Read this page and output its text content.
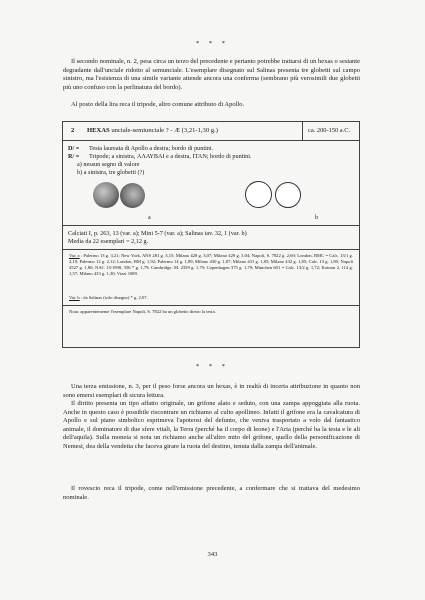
* * *

Il secondo nominale, n. 2, pesa circa un terzo del precedente e pertanto potrebbe trattarsi di un hexas o sestante degradante dall'unciale ridotto al semunciale. L'esemplare disegnato sul Salinas presenta tre globetti sul campo sinistro, ma l'esistenza di una simile variante attende ancora una conferma (sembrano più verosimili due globetti più uno confuso con la perlinatura del bordo).

Al posto della lira reca il tripode, altro comune attributo di Apollo.

2 HEXAS unciale-semiunciale ? - Æ (3,21-1,30 g.)	ca. 200-150 a.C.
D/ = Testa laureata di Apollo a destra; bordo di puntini.
R/ = Tripode; a sinistra, ΑΛΑΥΒΑΙ e a destra, ΙΤΑΝ; bordo di puntini.
a) nessun segno di valore
b) a sinistra, tre globetti (?)
a	b
Calciati I, p. 263, 13 (var. a); Mini 5-7 (var. a); Salinas tav. 32, 1 (var. b)
Media da 22 esemplari = 2,12 g.
Var. a : Palermo 13 g. 3,21; New York, ANS 281 g. 3,15; Milano 428 g. 3,07; Milano 429 g. 3,04; Napoli, S. 7822 g. 2,60; London, BMC = Calc. 13/1 g. 2,19; Palermo 12 g. 2,12; London, BM g. 1,92; Palermo 14 g. 1,89; Milano 430 g. 1,87; Milano 431 g. 1,85; Milano 432 g. 1,85; Calc. 13 g. 1,80; Napoli 4527 g. 1,80; NAC 13/1998, 356 * g. 1,79; Cambridge, M. 2359 g. 1,79; Copenhagen 375 g. 1,79; München 601 = Calc. 13/2 g. 1,72; Koinon 2, 114 g. 1,57; Milano 433 g. 1,30; Vizzi 1089.
Var. b : da Salinas (solo disegno) * g. 2,07.
Nota: apparentemente l'esemplare Napoli, S. 7822 ha un globetto dietro la testa.
* * *

Una terza emissione, n. 3, per il peso forse ancora un hexas, è in realtà di incerta attribuzione in quanto non sono emersi esemplari di sicura lettura.

Il diritto presenta un tipo affatto originale, un grifone alato e seduto, con una zampa appoggiata alla ruota. Anche in questo caso è possibile riscontrare un richiamo al culto apollineo. Infatti il grifone era la cavalcatura di Apollo e sul piano simbolico esprimeva l'apoteosi del defunto, che veniva trasportato a volo dal fantastico animale, il dominatore di due sfere vitali, la Terra (perché ha il corpo di leone) e l'Aria (perché ha la testa e le ali dell'aquila). Sulla moneta si nota un richiamo anche all'altro mito del grifone, quello della personificazione di Nemesi, dea della vendetta che faceva girare la ruota del destino, tenuta dalla zampa dell'animale.

Il rovescio reca il tripode, come nell'emissione precedente, a confermare che si trattava del medesimo nominale.

343
